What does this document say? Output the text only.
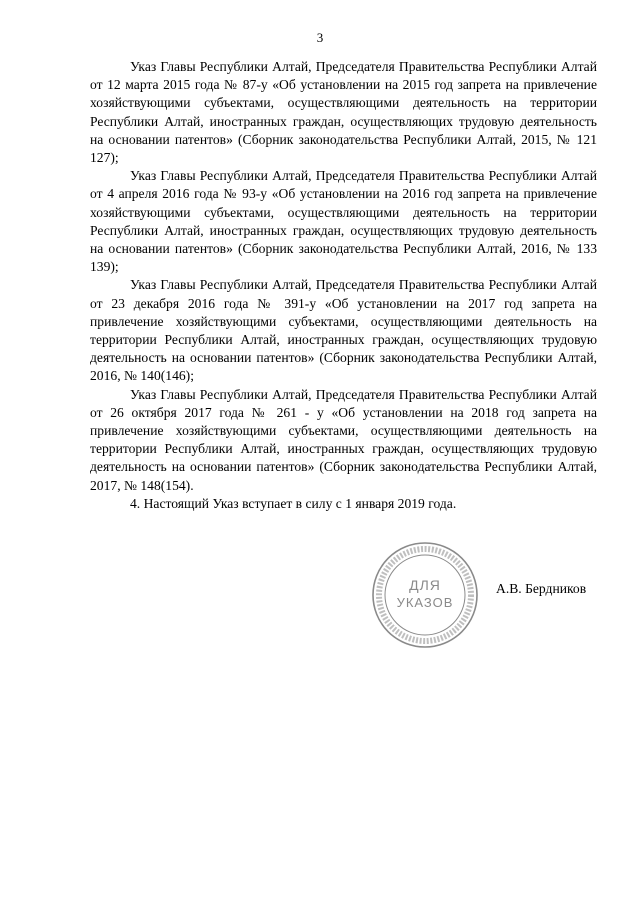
3

Указ Главы Республики Алтай, Председателя Правительства Республики Алтай от 12 марта 2015 года № 87-у «Об установлении на 2015 год запрета на привлечение хозяйствующими субъектами, осуществляющими деятельность на территории Республики Алтай, иностранных граждан, осуществляющих трудовую деятельность на основании патентов» (Сборник законодательства Республики Алтай, 2015, № 121 127);

Указ Главы Республики Алтай, Председателя Правительства Республики Алтай от 4 апреля 2016 года № 93-у «Об установлении на 2016 год запрета на привлечение хозяйствующими субъектами, осуществляющими деятельность на территории Республики Алтай, иностранных граждан, осуществляющих трудовую деятельность на основании патентов» (Сборник законодательства Республики Алтай, 2016, № 133 139);

Указ Главы Республики Алтай, Председателя Правительства Республики Алтай от 23 декабря 2016 года № 391-у «Об установлении на 2017 год запрета на привлечение хозяйствующими субъектами, осуществляющими деятельность на территории Республики Алтай, иностранных граждан, осуществляющих трудовую деятельность на основании патентов» (Сборник законодательства Республики Алтай, 2016, № 140(146);

Указ Главы Республики Алтай, Председателя Правительства Республики Алтай от 26 октября 2017 года № 261 - у «Об установлении на 2018 год запрета на привлечение хозяйствующими субъектами, осуществляющими деятельность на территории Республики Алтай, иностранных граждан, осуществляющих трудовую деятельность на основании патентов» (Сборник законодательства Республики Алтай, 2017, № 148(154).

4. Настоящий Указ вступает в силу с 1 января 2019 года.

ДЛЯ
УКАЗОВ
А.В. Бердников
